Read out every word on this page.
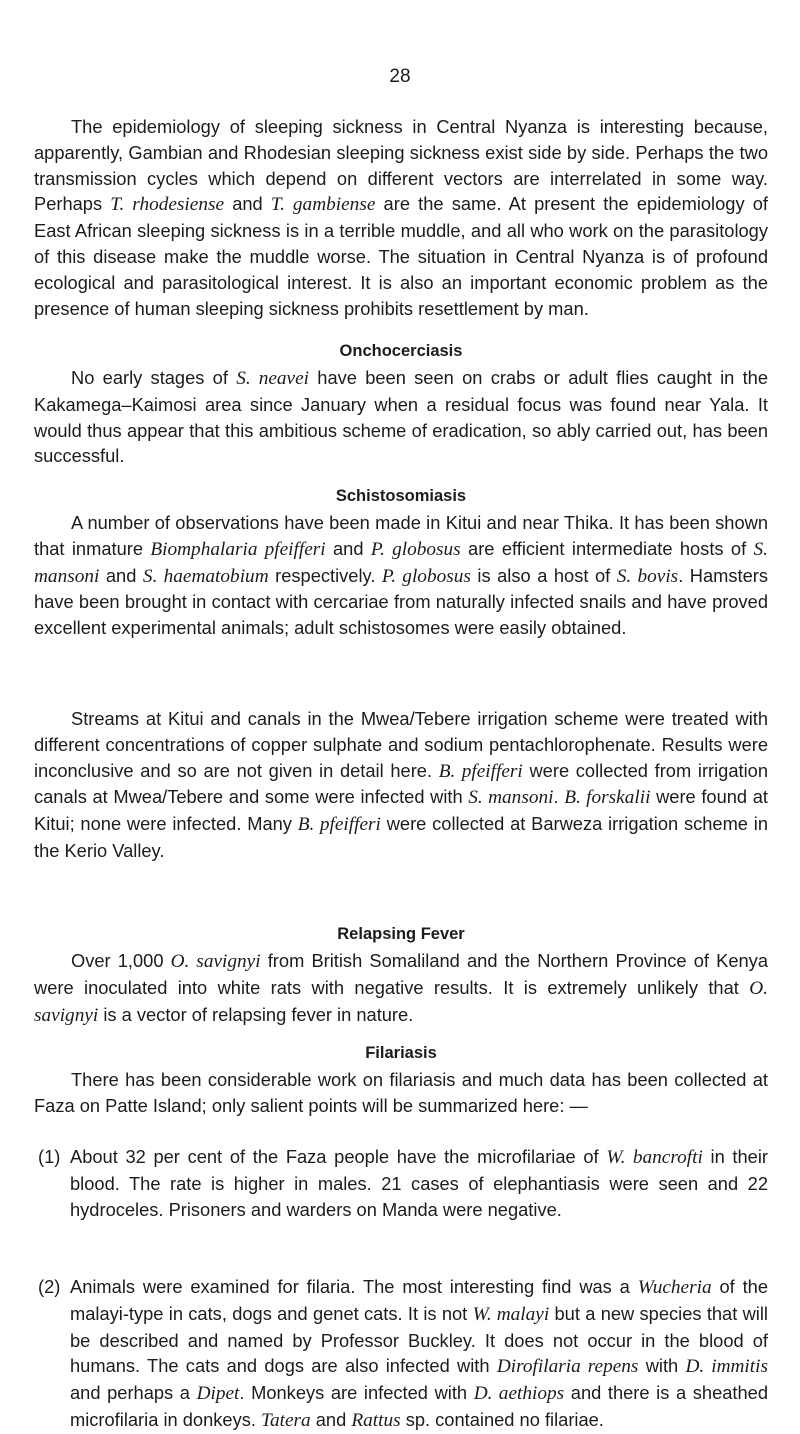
28

The epidemiology of sleeping sickness in Central Nyanza is interesting because, apparently, Gambian and Rhodesian sleeping sickness exist side by side. Perhaps the two transmission cycles which depend on different vectors are interrelated in some way. Perhaps T. rhodesiense and T. gambiense are the same. At present the epidemiology of East African sleeping sickness is in a terrible muddle, and all who work on the parasitology of this disease make the muddle worse. The situation in Central Nyanza is of profound ecological and parasitological interest. It is also an important economic problem as the presence of human sleeping sickness prohibits resettlement by man.

Onchocerciasis

No early stages of S. neavei have been seen on crabs or adult flies caught in the Kakamega–Kaimosi area since January when a residual focus was found near Yala. It would thus appear that this ambitious scheme of eradication, so ably carried out, has been successful.

Schistosomiasis

A number of observations have been made in Kitui and near Thika. It has been shown that inmature Biomphalaria pfeifferi and P. globosus are efficient intermediate hosts of S. mansoni and S. haematobium respectively. P. globosus is also a host of S. bovis. Hamsters have been brought in contact with cercariae from naturally infected snails and have proved excellent experimental animals; adult schistosomes were easily obtained.

Streams at Kitui and canals in the Mwea/Tebere irrigation scheme were treated with different concentrations of copper sulphate and sodium pentachlorophenate. Results were inconclusive and so are not given in detail here. B. pfeifferi were collected from irrigation canals at Mwea/Tebere and some were infected with S. mansoni. B. forskalii were found at Kitui; none were infected. Many B. pfeifferi were collected at Barweza irrigation scheme in the Kerio Valley.

Relapsing Fever

Over 1,000 O. savignyi from British Somaliland and the Northern Province of Kenya were inoculated into white rats with negative results. It is extremely unlikely that O. savignyi is a vector of relapsing fever in nature.

Filariasis

There has been considerable work on filariasis and much data has been collected at Faza on Patte Island; only salient points will be summarized here: —

(1) About 32 per cent of the Faza people have the microfilariae of W. bancrofti in their blood. The rate is higher in males. 21 cases of elephantiasis were seen and 22 hydroceles. Prisoners and warders on Manda were negative.
(2) Animals were examined for filaria. The most interesting find was a Wucheria of the malayi-type in cats, dogs and genet cats. It is not W. malayi but a new species that will be described and named by Professor Buckley. It does not occur in the blood of humans. The cats and dogs are also infected with Dirofilaria repens with D. immitis and perhaps a Dipet. Monkeys are infected with D. aethiops and there is a sheathed microfilaria in donkeys. Tatera and Rattus sp. contained no filariae.
